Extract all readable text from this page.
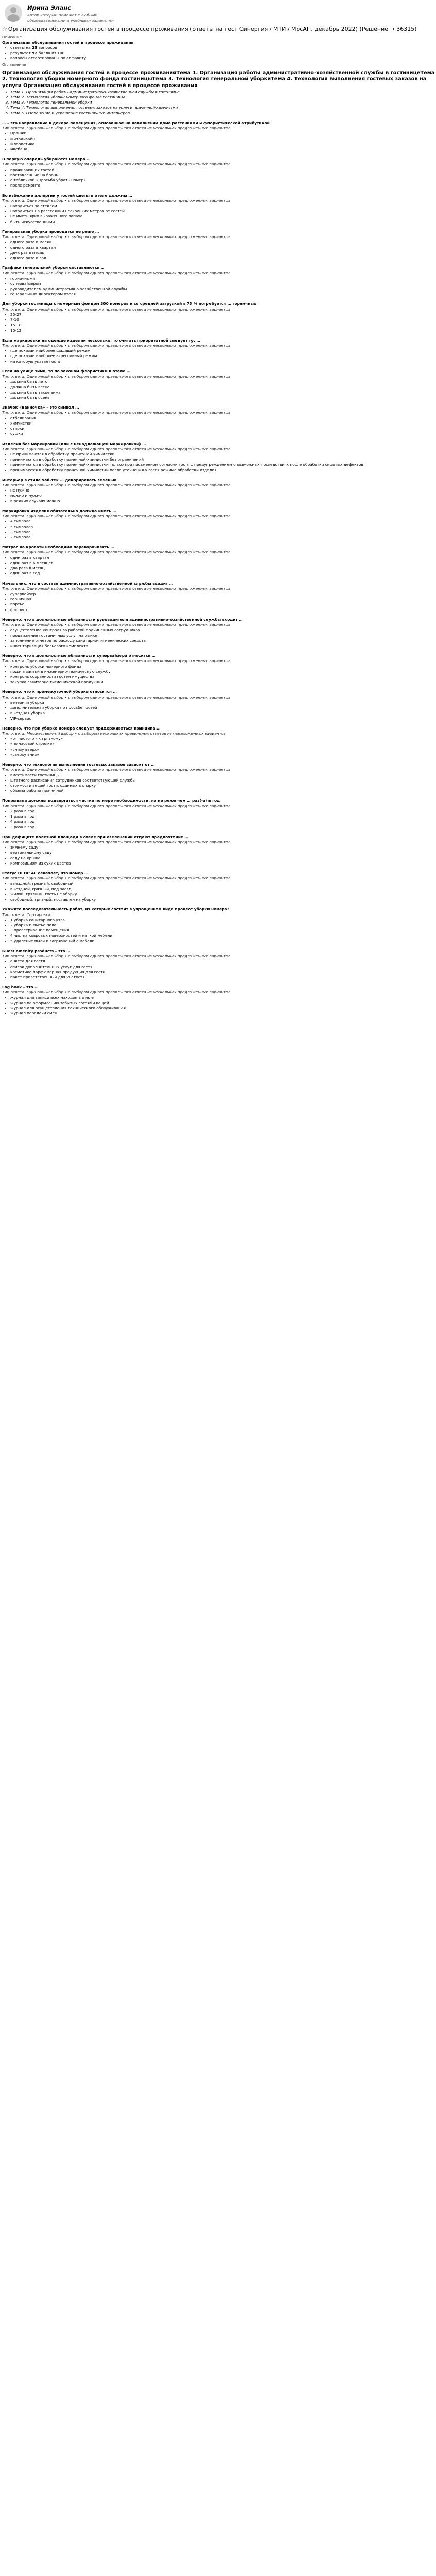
Ирина Эланс
Автор который поможет с любыми образовательными и учебными заданиями
☆ Организация обслуживания гостей в процессе проживания (ответы на тест Синергия / МТИ / МосАП, декабрь 2022) (Решение → 36315)
Описание
Организация обслуживания гостей в процессе проживания
• ответы на 25 вопросов
• результат 92 балла из 100
• вопросы отсортированы по алфавиту
Оглавление
Организация обслуживания гостей в процессе проживанияТема 1. Организация работы административно-хозяйственной службы в гостиницеТема 2. Технология уборки номерного фонда гостиницыТема 3. Технология генеральной уборкиТема 4. Технология выполнения гостевых заказов на услуги Организация обслуживания гостей в процессе проживания
1. Тема 1. Организация работы административно-хозяйственной службы в гостинице
2. Тема 2. Технология уборки номерного фонда гостиницы
3. Тема 3. Технология генеральной уборки
4. Тема 4. Технология выполнения гостевых заказов на услуги прачечной-химчистки
5. Тема 5. Озеленение и украшение гостиничных интерьеров
… – это направление в декоре помещения, основанное на наполнении дома растениями и флористической атрибутикой
Тип ответа: Одиночный выбор • с выбором одного правильного ответа из нескольких предложенных вариантов
• Оранжи
• Фитодизайн
• Флористика
• Икебана
В первую очередь убираются номера …
Тип ответа: Одиночный выбор • с выбором одного правильного ответа из нескольких предложенных вариантов
• проживающих гостей
• поставленные на бронь
• с табличкой «Просьба убрать номер»
• после ремонта
Во избежание аллергии у гостей цветы в отеле должны …
Тип ответа: Одиночный выбор • с выбором одного правильного ответа из нескольких предложенных вариантов
• находиться за стеклом
• находиться на расстоянии нескольких метров от гостей
• не иметь ярко выраженного запаха
• быть искусственными
Генеральная уборка проводится не реже …
Тип ответа: Одиночный выбор • с выбором одного правильного ответа из нескольких предложенных вариантов
• одного раза в месяц
• одного раза в квартал
• двух раз в месяц
• одного раза в год
Графики генеральной уборки составляются …
Тип ответа: Одиночный выбор • с выбором одного правильного ответа из нескольких предложенных вариантов
• горничными
• супервайзером
• руководителем административно-хозяйственной службы
• генеральным директором отеля
Для уборки гостиницы с номерным фондом 300 номеров и со средней загрузкой в 75 % потребуется … горничных
Тип ответа: Одиночный выбор • с выбором одного правильного ответа из нескольких предложенных вариантов
• 25-27
• 7-10
• 15-18
• 10-12
Если маркировки на одежде изделии несколько, то считать приоритетной следует ту, …
Тип ответа: Одиночный выбор • с выбором одного правильного ответа из нескольких предложенных вариантов
• где показан наиболее щадящий режим
• где показан наиболее агрессивный режим
• на которую указал гость
Если на улице зима, то по законам флористики в отеле …
Тип ответа: Одиночный выбор • с выбором одного правильного ответа из нескольких предложенных вариантов
• должна быть лето
• должна быть весна
• должна быть такое зима
• должна быть осень
Значок «Ванночка» – это символ …
Тип ответа: Одиночный выбор • с выбором одного правильного ответа из нескольких предложенных вариантов
• отбеливания
• химчистки
• стирки
• сушки
Изделия без маркировки (или с ненадлежащей маркировкой) …
Тип ответа: Одиночный выбор • с выбором одного правильного ответа из нескольких предложенных вариантов
• не принимаются в обработку прачечной-химчистки
• принимаются в обработку прачечной-химчистки без ограничений
• принимаются в обработку прачечной-химчистки только при письменном согласии гостя с предупреждением о возможных последствиях после обработки скрытых дефектов
• принимаются в обработку прачечной-химчистки после уточнения у гостя режима обработки изделия
Интерьер в стиле хай-тек … декорировать зеленью
Тип ответа: Одиночный выбор • с выбором одного правильного ответа из нескольких предложенных вариантов
• не нужно
• можно и нужно
• в редких случаях можно
Маркировка изделия обязательно должна иметь …
Тип ответа: Одиночный выбор • с выбором одного правильного ответа из нескольких предложенных вариантов
• 4 символа
• 5 символов
• 3 символа
• 2 символа
Матрас на кровати необходимо переворачивать …
Тип ответа: Одиночный выбор • с выбором одного правильного ответа из нескольких предложенных вариантов
• один раз в квартал
• один раз в 6 месяцев
• два раза в месяц
• один раз в год
Начальник, что в составе административно-хозяйственной службы входит …
Тип ответа: Одиночный выбор • с выбором одного правильного ответа из нескольких предложенных вариантов
• супервайзер
• горничная
• портье
• флорист
Неверно, что в должностные обязанности руководителя административно-хозяйственной службы входит …
Тип ответа: Одиночный выбор • с выбором одного правильного ответа из нескольких предложенных вариантов
• осуществление контроля за работой подчиненных сотрудников
• продвижение гостиничных услуг на рынке
• заполнение отчетов по расходу санитарно-гигиенических средств
• инвентаризация бельевого комплекта
Неверно, что в должностные обязанности супервайзера относится …
Тип ответа: Одиночный выбор • с выбором одного правильного ответа из нескольких предложенных вариантов
• контроль уборки номерного фонда
• подача заявки в инженерно-техническую службу
• контроль сохранности гостем имущества
• закупка санитарно-гигиенической продукции
Неверно, что к промежуточной уборке относится …
Тип ответа: Одиночный выбор • с выбором одного правильного ответа из нескольких предложенных вариантов
• вечерняя уборка
• дополнительная уборка по просьбе гостей
• выездная уборка
• VIP-сервис
Неверно, что при уборке номера следует придерживаться принципа …
Тип ответа: Множественный выбор • с выбором нескольких правильных ответов из предложенных вариантов
• «от чистого – к грязному»
• «по часовой стрелке»
• «снизу вверх»
• «сверху вниз»
Неверно, что технология выполнения гостевых заказов зависит от …
Тип ответа: Одиночный выбор • с выбором одного правильного ответа из нескольких предложенных вариантов
• вместимости гостиницы
• штатного расписания сотрудников соответствующей службы
• стоимости вещей гостя, сданных в стирку
• объема работы прачечной
Покрывала должны подвергаться чистке по мере необходимости, но не реже чем … раз(-а) в год
Тип ответа: Одиночный выбор • с выбором одного правильного ответа из нескольких предложенных вариантов
• 2 раза в год
• 1 раза в год
• 4 раза в год
• 3 раза в год
При дефиците полезной площади в отеле при озеленении отдают предпочтение …
Тип ответа: Одиночный выбор • с выбором одного правильного ответа из нескольких предложенных вариантов
• зимнему саду
• вертикальному саду
• саду на крыше
• композициям из сухих цветов
Статус DI DP АЕ означает, что номер …
Тип ответа: Одиночный выбор • с выбором одного правильного ответа из нескольких предложенных вариантов
• выездной, грязный, свободный
• выездной, грязный, под заезд
• жилой, грязный, гость не уборку
• свободный, грязный, поставлен на уборку
Укажите последовательность работ, из которых состоит в упрощенном виде процесс уборки номера:
Тип ответа: Сортировка
• 1 уборка санитарного узла
• 2 уборка и мытье пола
• 3 проветривание помещения
• 4 чистка ковровых поверхностей и мягкой мебели
• 5 удаление пыли и загрязнений с мебели
Guest amenity products – это …
Тип ответа: Одиночный выбор • с выбором одного правильного ответа из нескольких предложенных вариантов
• анкета для гостя
• список дополнительных услуг для гостя
• косметико-парфюмерная продукция для гостя
• пакет приветственный для VIP-гостя
Log book – это …
Тип ответа: Одиночный выбор • с выбором одного правильного ответа из нескольких предложенных вариантов
• журнал для записи всех находок в отеле
• журнал по оформлению забытых гостями вещей
• журнал для осуществления технического обслуживания
• журнал передачи смен
